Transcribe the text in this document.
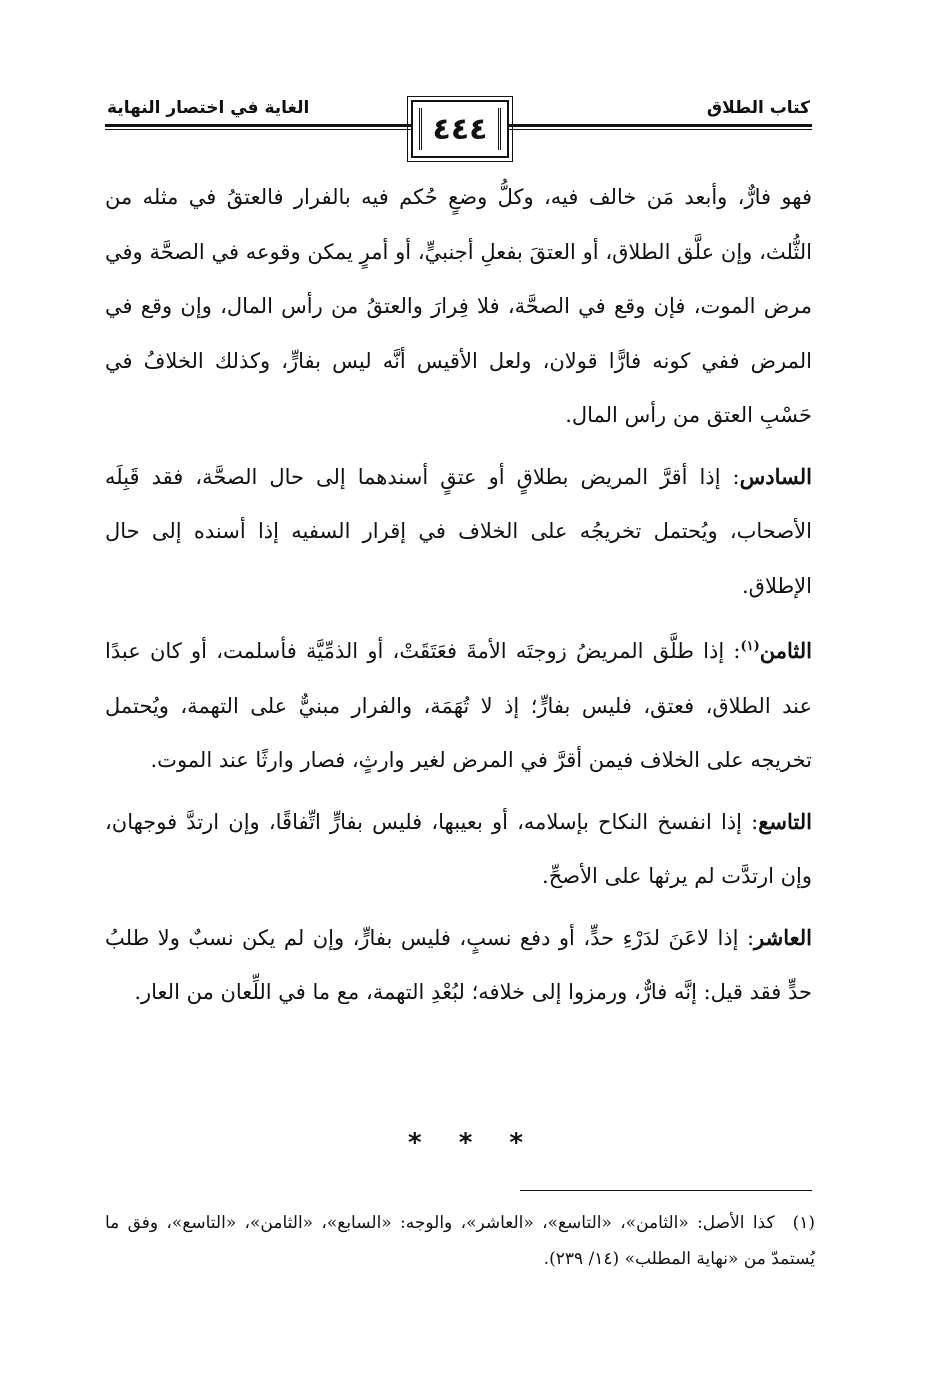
كتاب الطلاق
الغاية في اختصار النهاية
٤٤٤

فهو فارٌّ، وأبعد مَن خالف فيه، وكلُّ وضعٍ حُكم فيه بالفرار فالعتقُ في مثله من الثُّلث، وإن علَّق الطلاق، أو العتقَ بفعلِ أجنبيٍّ، أو أمرٍ يمكن وقوعه في الصحَّة وفي مرض الموت، فإن وقع في الصحَّة، فلا فِرارَ والعتقُ من رأس المال، وإن وقع في المرض ففي كونه فارًّا قولان، ولعل الأقيس أنَّه ليس بفارٍّ، وكذلك الخلافُ في حَسْبِ العتق من رأس المال.

السادس: إذا أقرَّ المريض بطلاقٍ أو عتقٍ أسندهما إلى حال الصحَّة، فقد قَبِلَه الأصحاب، ويُحتمل تخريجُه على الخلاف في إقرار السفيه إذا أسنده إلى حال الإطلاق.

الثامن$^{(١)}$: إذا طلَّق المريضُ زوجتَه الأمةَ فعَتَقَتْ، أو الذمِّيَّة فأسلمت، أو كان عبدًا عند الطلاق، فعتق، فليس بفارٍّ؛ إذ لا تُهَمَة، والفرار مبنيٌّ على التهمة، ويُحتمل تخريجه على الخلاف فيمن أقرَّ في المرض لغير وارثٍ، فصار وارثًا عند الموت.

التاسع: إذا انفسخ النكاح بإسلامه، أو بعيبها، فليس بفارٍّ اتِّفاقًا، وإن ارتدَّ فوجهان، وإن ارتدَّت لم يرثها على الأصحِّ.

العاشر: إذا لاعَنَ لدَرْءِ حدٍّ، أو دفع نسبٍ، فليس بفارٍّ، وإن لم يكن نسبٌ ولا طلبُ حدٍّ فقد قيل: إنَّه فارٌّ، ورمزوا إلى خلافه؛ لبُعْدِ التهمة، مع ما في اللِّعان من العار.

* * *
(١)كذا الأصل: «الثامن»، «التاسع»، «العاشر»، والوجه: «السابع»، «الثامن»، «التاسع»، وفق ما يُستمدّ من «نهاية المطلب» (١٤/ ٢٣٩).
